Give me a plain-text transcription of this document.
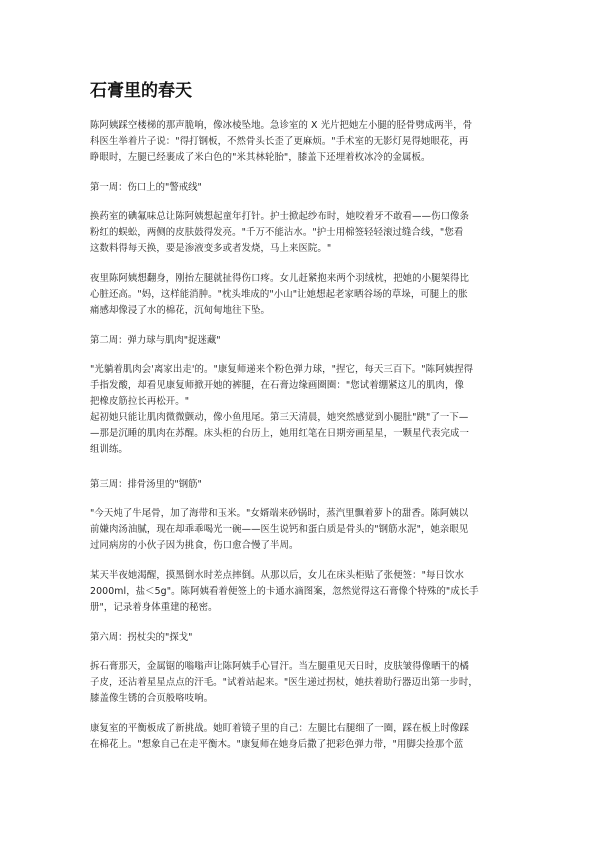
石膏里的春天
陈阿姨踩空楼梯的那声脆响，像冰棱坠地。急诊室的 X 光片把她左小腿的胫骨劈成两半，骨
科医生举着片子说："得打钢板，不然骨头长歪了更麻烦。"手术室的无影灯晃得她眼花，再
睁眼时，左腿已经裹成了米白色的"米其林轮胎"，膝盖下还埋着枚冰冷的金属板。

第一周：伤口上的"警戒线"

换药室的碘氟味总让陈阿姨想起童年打针。护士掀起纱布时，她咬着牙不敢看——伤口像条
粉红的蜈蚣，两侧的皮肤鼓得发亮。"千万不能沾水。"护士用棉签轻轻滚过缝合线，"您看
这数料得每天换，要是渗液变多或者发烧，马上来医院。"
夜里陈阿姨想翻身，刚抬左腿就扯得伤口疼。女儿赶紧抱来两个羽绒枕，把她的小腿架得比
心脏还高。"妈，这样能消肿。"枕头堆成的"小山"让她想起老家晒谷场的草垛，可腿上的胀
痛感却像浸了水的棉花，沉甸甸地往下坠。

第二周：弹力球与肌肉"捉迷藏"

"光躺着肌肉会'离家出走'的。"康复师递来个粉色弹力球，"捏它，每天三百下。"陈阿姨捏得
手指发酸，却看见康复师掀开她的裤腿，在石膏边缘画圈圈："您试着绷紧这儿的肌肉，像
把橡皮筋拉长再松开。"
起初她只能让肌肉微微颤动，像小鱼甩尾。第三天清晨，她突然感觉到小腿肚"跳"了一下—
—那是沉睡的肌肉在苏醒。床头柜的台历上，她用红笔在日期旁画星星，一颗星代表完成一
组训练。

第三周：排骨汤里的"钢筋"

"今天炖了牛尾骨，加了海带和玉米。"女婿端来砂锅时，蒸汽里飘着萝卜的甜香。陈阿姨以
前嫌肉汤油腻，现在却乖乖喝光一碗——医生说钙和蛋白质是骨头的"钢筋水泥"，她亲眼见
过同病房的小伙子因为挑食，伤口愈合慢了半周。
某天半夜她渴醒，摸黑倒水时差点摔倒。从那以后，女儿在床头柜贴了张便签："每日饮水
2000ml，盐＜5g"。陈阿姨看着便签上的卡通水滴图案，忽然觉得这石膏像个特殊的"成长手
册"，记录着身体重建的秘密。

第六周：拐杖尖的"探戈"

拆石膏那天，金属锯的嗡嗡声让陈阿姨手心冒汗。当左腿重见天日时，皮肤皱得像晒干的橘
子皮，还沾着星星点点的汗毛。"试着站起来。"医生递过拐杖，她扶着助行器迈出第一步时，
膝盖像生锈的合页般咯吱响。
康复室的平衡板成了新挑战。她盯着镜子里的自己：左腿比右腿细了一圈，踩在板上时像踩
在棉花上。"想象自己在走平衡木。"康复师在她身后撒了把彩色弹力带，"用脚尖捡那个蓝
